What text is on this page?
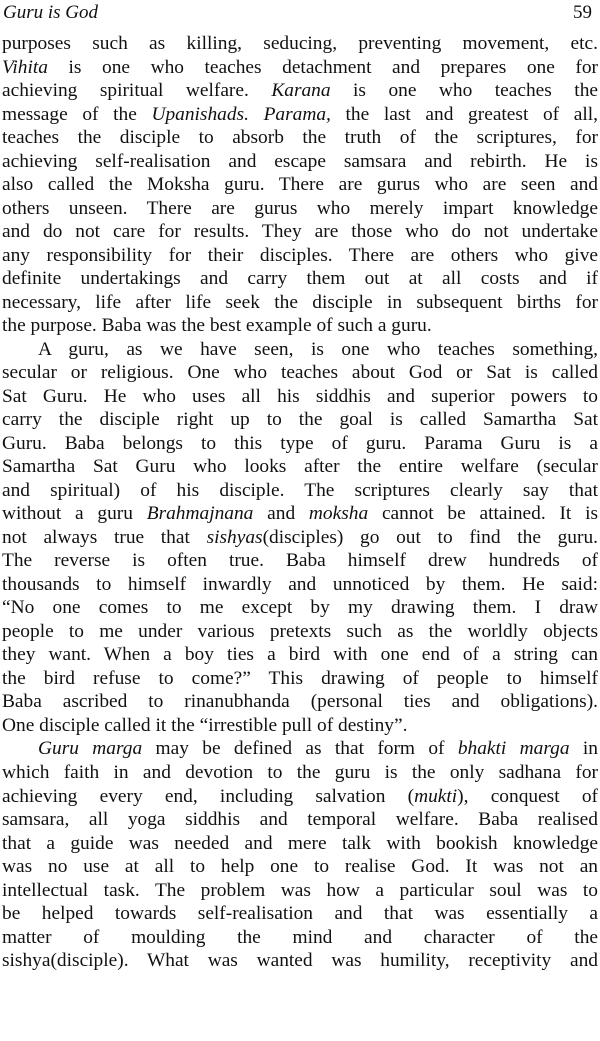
Guru is God	59
purposes such as killing, seducing, preventing movement, etc.
Vihita is one who teaches detachment and prepares one for
achieving spiritual welfare. Karana is one who teaches the
message of the Upanishads. Parama, the last and greatest of all,
teaches the disciple to absorb the truth of the scriptures, for
achieving self-realisation and escape samsara and rebirth. He is
also called the Moksha guru. There are gurus who are seen and
others unseen. There are gurus who merely impart knowledge
and do not care for results. They are those who do not undertake
any responsibility for their disciples. There are others who give
definite undertakings and carry them out at all costs and if
necessary, life after life seek the disciple in subsequent births for
the purpose. Baba was the best example of such a guru.
A guru, as we have seen, is one who teaches something,
secular or religious. One who teaches about God or Sat is called
Sat Guru. He who uses all his siddhis and superior powers to
carry the disciple right up to the goal is called Samartha Sat
Guru. Baba belongs to this type of guru. Parama Guru is a
Samartha Sat Guru who looks after the entire welfare (secular
and spiritual) of his disciple. The scriptures clearly say that
without a guru Brahmajnana and moksha cannot be attained. It is
not always true that sishyas(disciples) go out to find the guru.
The reverse is often true. Baba himself drew hundreds of
thousands to himself inwardly and unnoticed by them. He said:
“No one comes to me except by my drawing them. I draw
people to me under various pretexts such as the worldly objects
they want. When a boy ties a bird with one end of a string can
the bird refuse to come?” This drawing of people to himself
Baba ascribed to rinanubhanda (personal ties and obligations).
One disciple called it the “irrestible pull of destiny”.
Guru marga may be defined as that form of bhakti marga in
which faith in and devotion to the guru is the only sadhana for
achieving every end, including salvation (mukti), conquest of
samsara, all yoga siddhis and temporal welfare. Baba realised
that a guide was needed and mere talk with bookish knowledge
was no use at all to help one to realise God. It was not an
intellectual task. The problem was how a particular soul was to
be helped towards self-realisation and that was essentially a
matter of moulding the mind and character of the
sishya(disciple). What was wanted was humility, receptivity and
